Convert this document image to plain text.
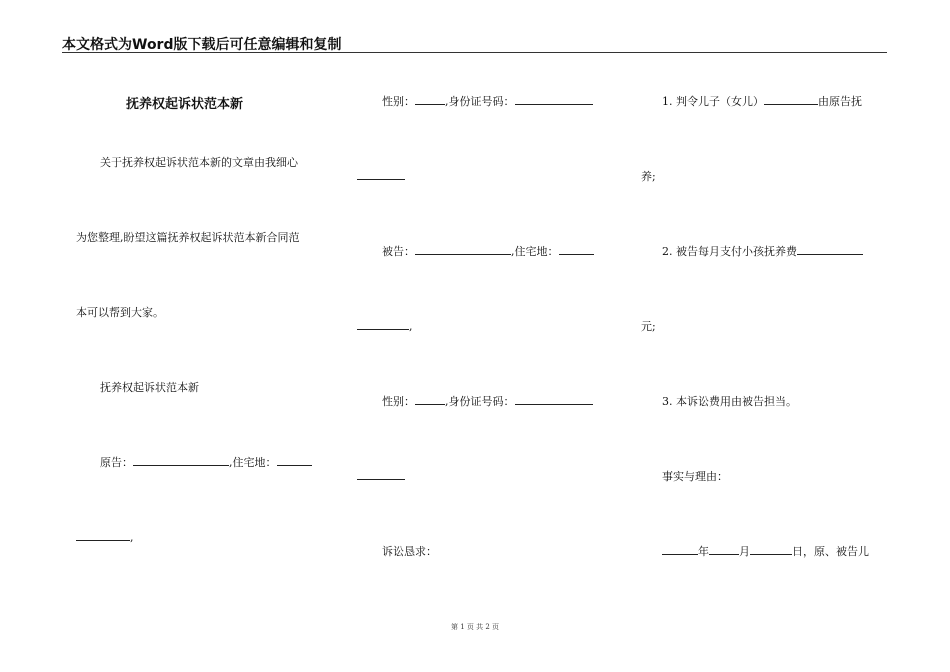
本文格式为Word版下载后可任意编辑和复制
抚养权起诉状范本新
关于抚养权起诉状范本新的文章由我细心
为您整理,盼望这篇抚养权起诉状范本新合同范
本可以帮到大家。
抚养权起诉状范本新
原告：	,住宅地：
,
性别：	,身份证号码：
被告：	,住宅地：
,
性别：	,身份证号码：
诉讼恳求：
1. 判令儿子（女儿）	由原告抚
养;
2. 被告每月支付小孩抚养费
元;
3. 本诉讼费用由被告担当。
事实与理由：
年	月	日，原、被告儿
第 1 页 共 2 页
